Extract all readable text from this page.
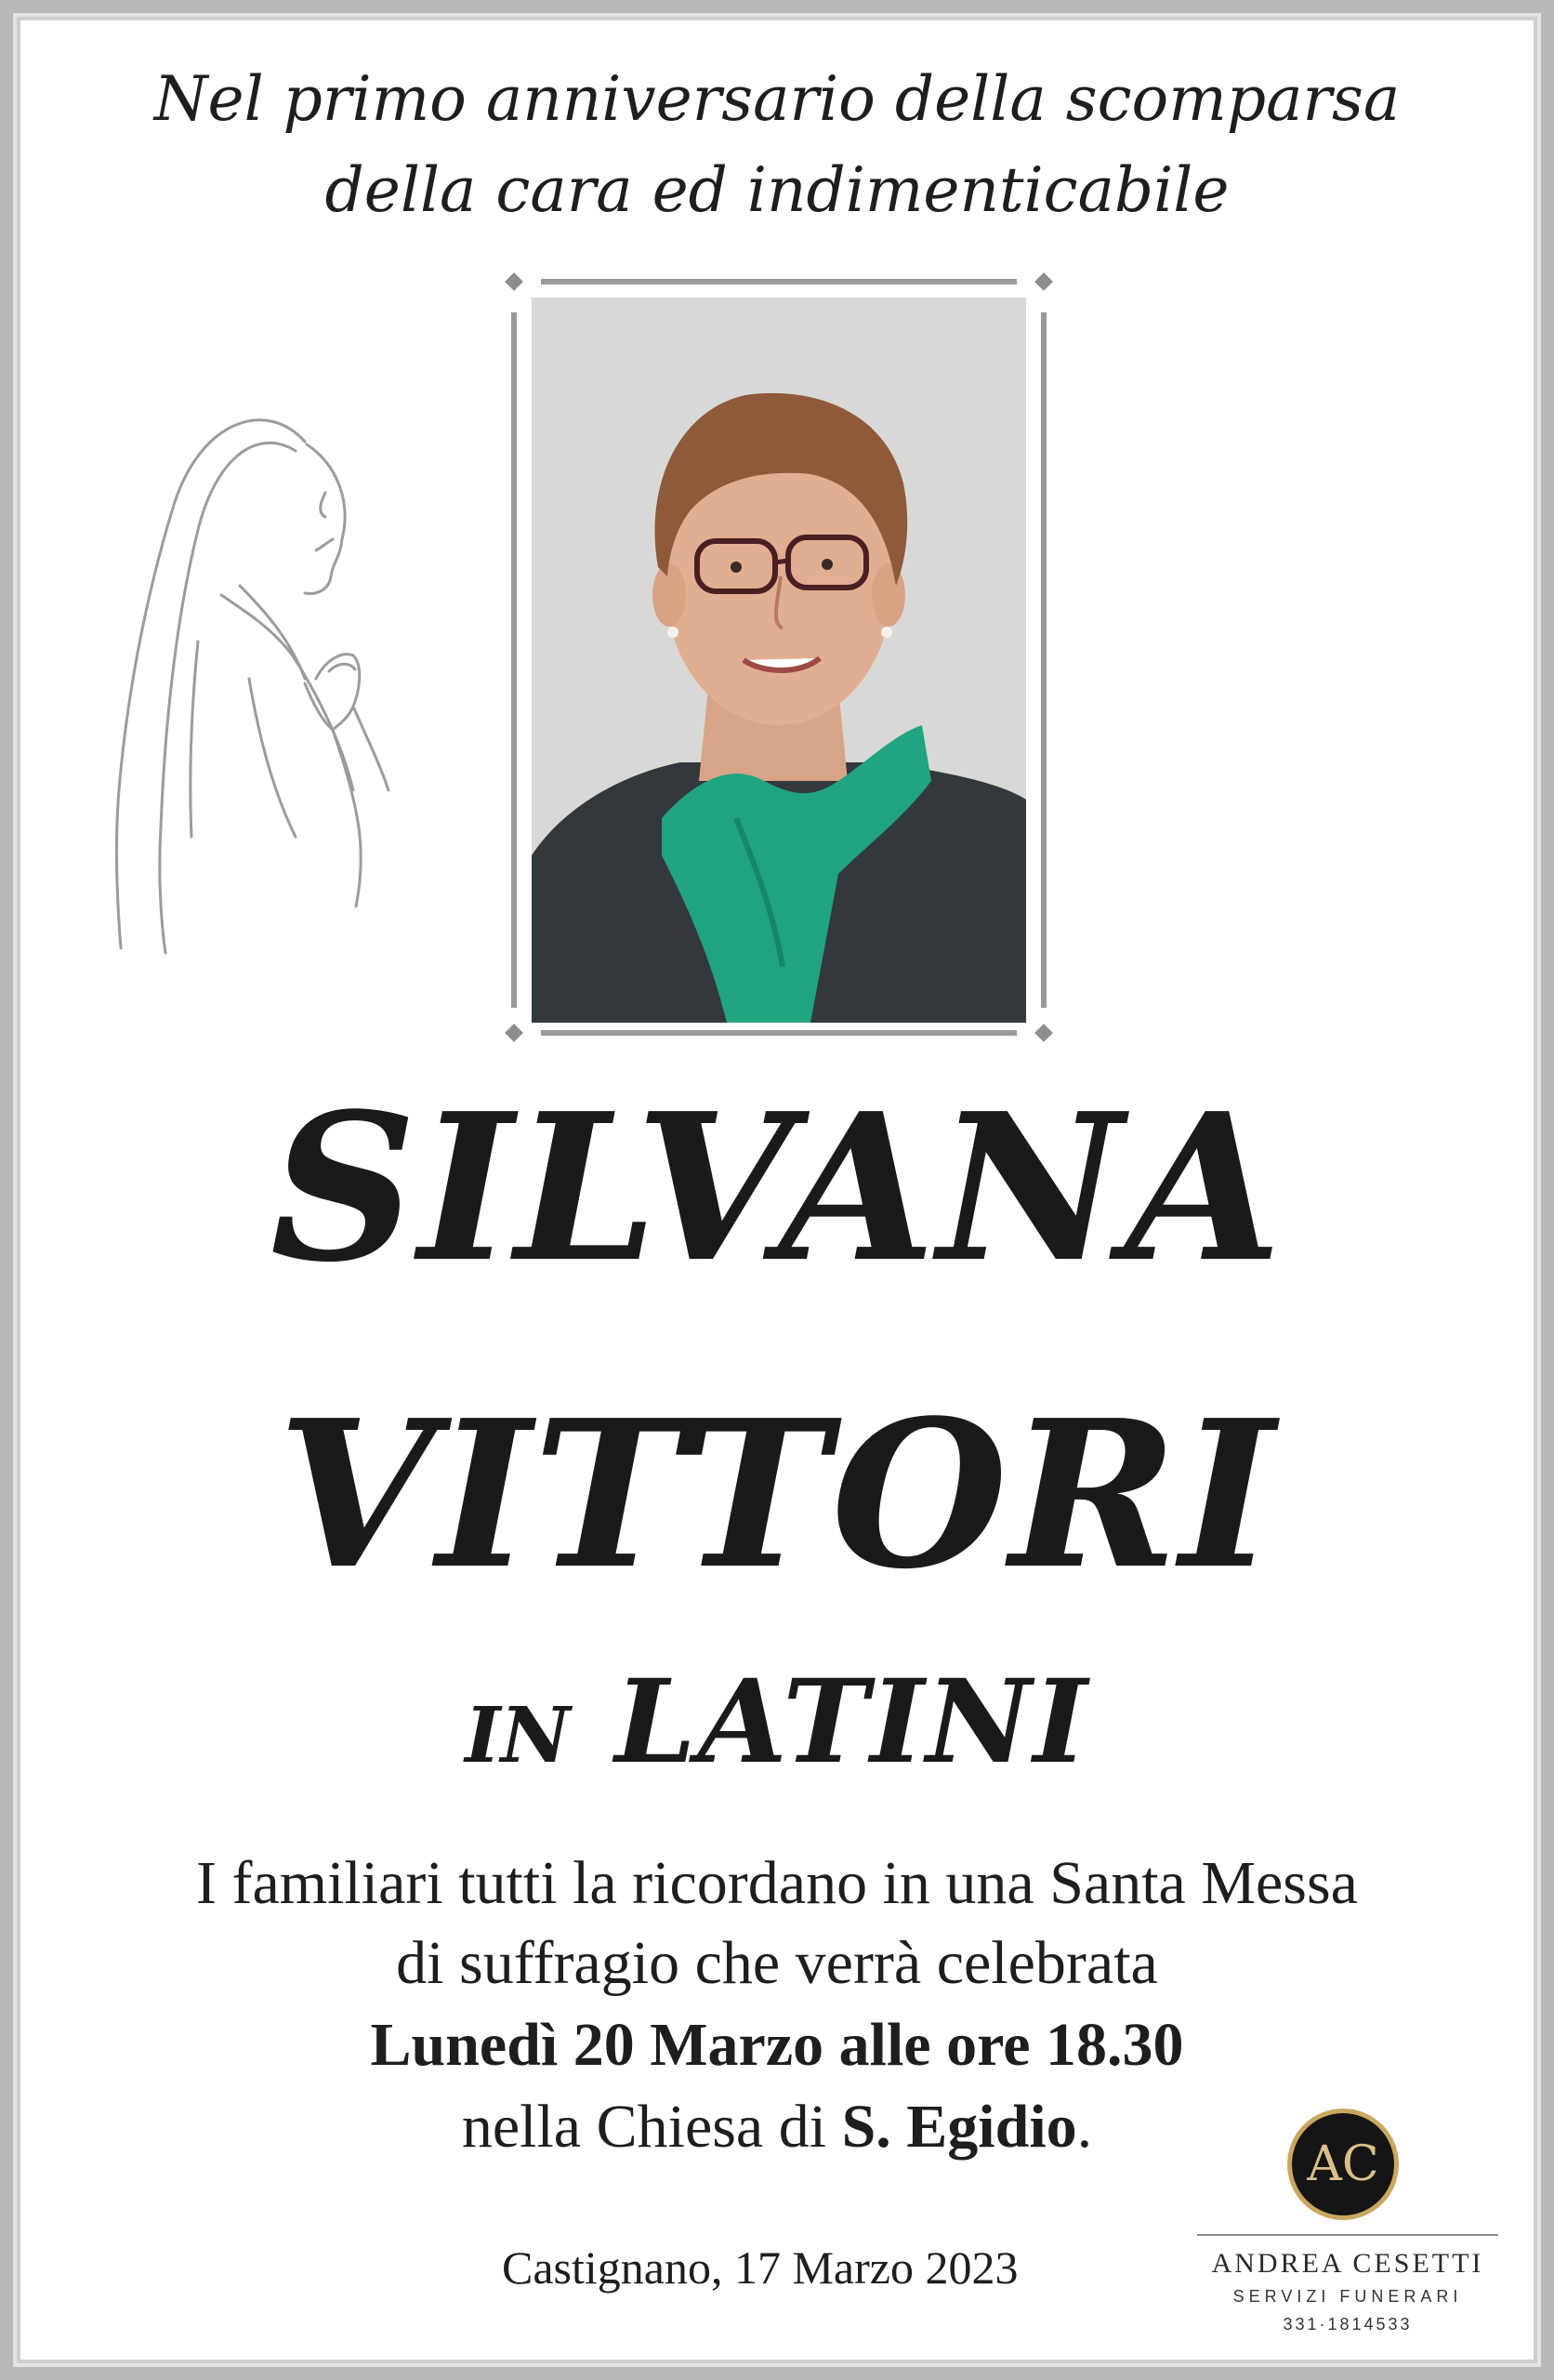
Nel primo anniversario della scomparsa
della cara ed indimenticabile
SILVANA
VITTORI
IN LATINI
I familiari tutti la ricordano in una Santa Messa
di suffragio che verrà celebrata
Lunedì 20 Marzo alle ore 18.30
nella Chiesa di S. Egidio.
Castignano, 17 Marzo 2023
AC
ANDREA CESETTI
SERVIZI FUNERARI
331·1814533
